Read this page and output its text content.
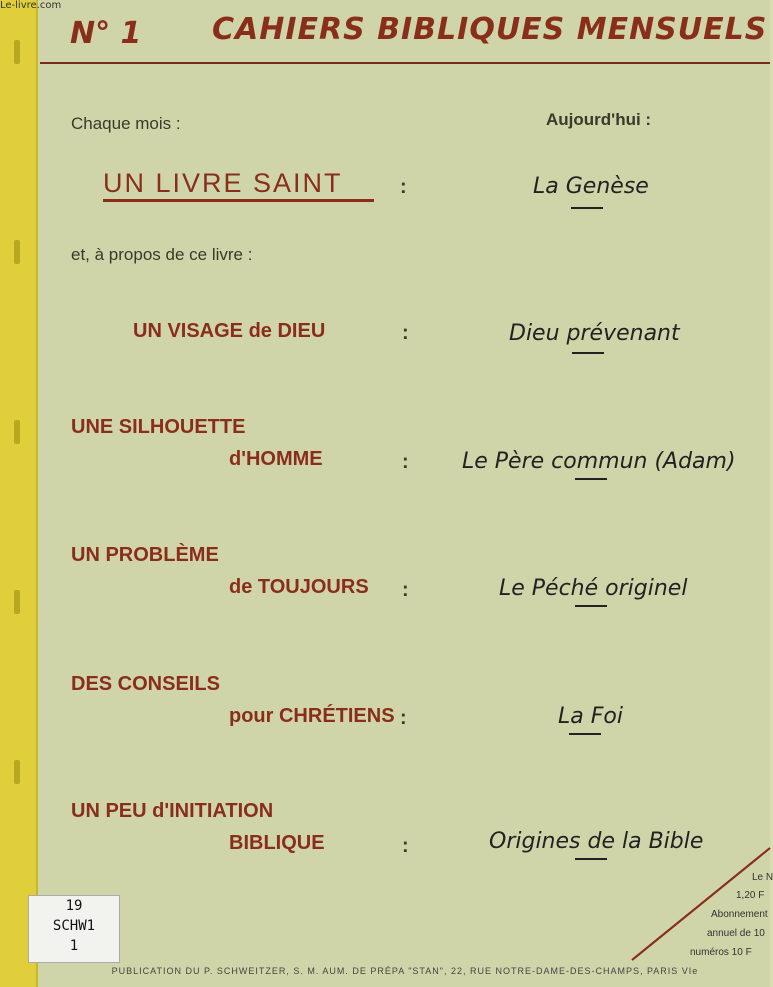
Le-livre.com
N° 1 CAHIERS BIBLIQUES MENSUELS
Chaque mois :	Aujourd'hui :
UN LIVRE SAINT	:	La Genèse
et, à propos de ce livre :
UN VISAGE de DIEU	:	Dieu prévenant
UNE SILHOUETTE
d'HOMME	: Le Père commun (Adam)
UN PROBLÈME
de TOUJOURS :	Le Péché originel
DES CONSEILS
pour CHRÉTIENS :	La Foi
UN PEU d'INITIATION
BIBLIQUE	:	Origines de la Bible
Le N
1,20 F
Abonnement
annuel de 10
numéros 10 F
PUBLICATION DU P. SCHWEITZER, S. M. AUM. DE PRÉPA "STAN", 22, RUE NOTRE-DAME-DES-CHAMPS, PARIS VIe
19
SCHW1
1
